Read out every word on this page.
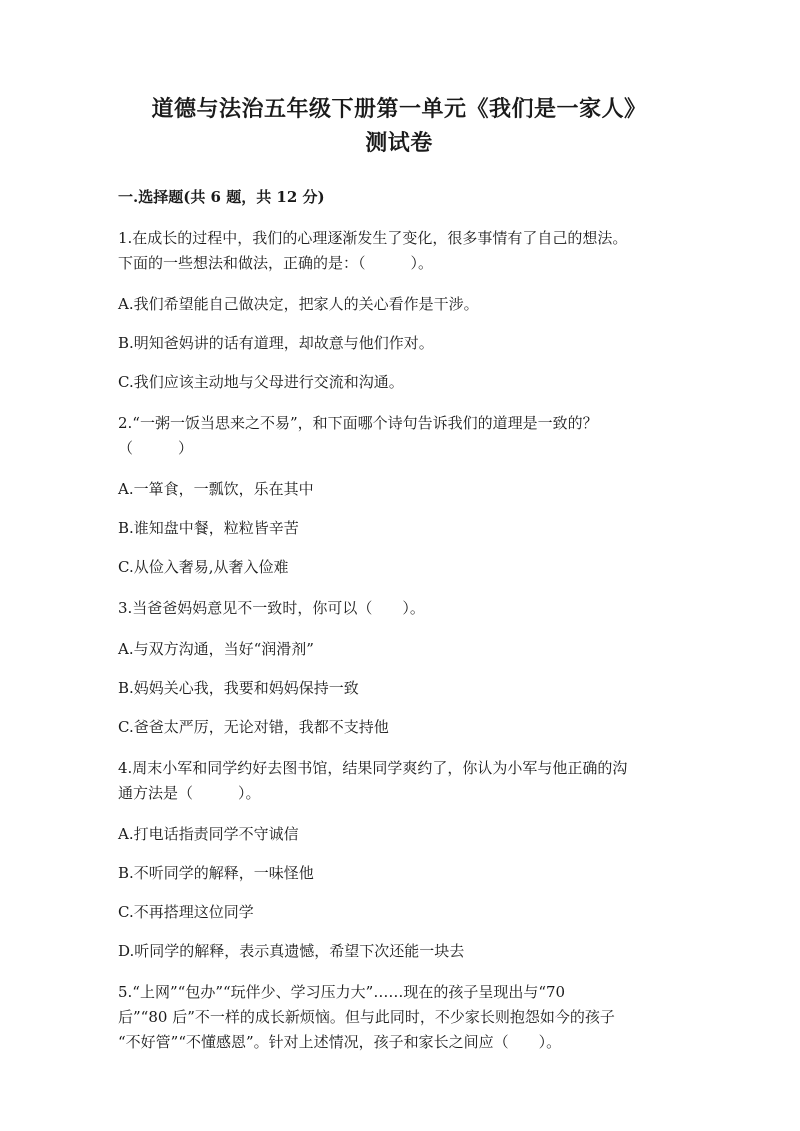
道德与法治五年级下册第一单元《我们是一家人》
测试卷
一.选择题(共 6 题，共 12 分)
1.在成长的过程中，我们的心理逐渐发生了变化，很多事情有了自己的想法。
下面的一些想法和做法，正确的是：（　　　）。
A.我们希望能自己做决定，把家人的关心看作是干涉。
B.明知爸妈讲的话有道理，却故意与他们作对。
C.我们应该主动地与父母进行交流和沟通。
2.“一粥一饭当思来之不易”，和下面哪个诗句告诉我们的道理是一致的？
（　　　）
A.一箪食，一瓢饮，乐在其中
B.谁知盘中餐，粒粒皆辛苦
C.从俭入奢易,从奢入俭难
3.当爸爸妈妈意见不一致时，你可以（　　）。
A.与双方沟通，当好“润滑剂”
B.妈妈关心我，我要和妈妈保持一致
C.爸爸太严厉，无论对错，我都不支持他
4.周末小军和同学约好去图书馆，结果同学爽约了，你认为小军与他正确的沟
通方法是（　　　）。
A.打电话指责同学不守诚信
B.不听同学的解释，一味怪他
C.不再搭理这位同学
D.听同学的解释，表示真遗憾，希望下次还能一块去
5.“上网”“包办”“玩伴少、学习压力大”……现在的孩子呈现出与“70
后”“80 后”不一样的成长新烦恼。但与此同时，不少家长则抱怨如今的孩子
“不好管”“不懂感恩”。针对上述情况，孩子和家长之间应（　　）。
